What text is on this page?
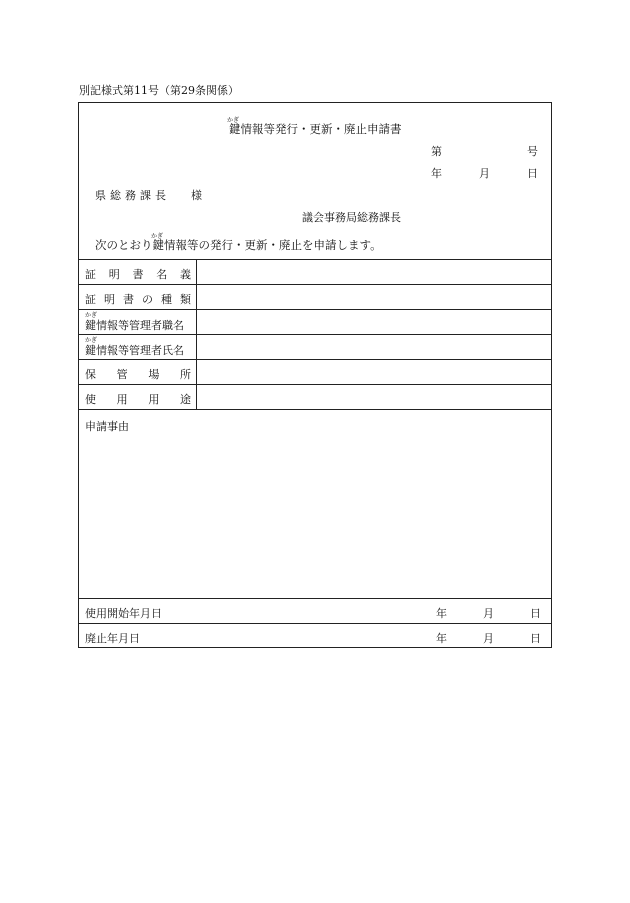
別記様式第11号（第29条関係）
かぎ
鍵情報等発行・更新・廃止申請書
第	号
年	月	日
県総務課長 様
議会事務局総務課長
かぎ
次のとおり鍵情報等の発行・更新・廃止を申請します。
証 明 書 名 義
証 明 書 の 種 類
かぎ
鍵情報等管理者職名
かぎ
鍵情報等管理者氏名
保 管 場 所
使 用 用 途
申請事由
使用開始年月日	年	月	日
廃止年月日	年	月	日
